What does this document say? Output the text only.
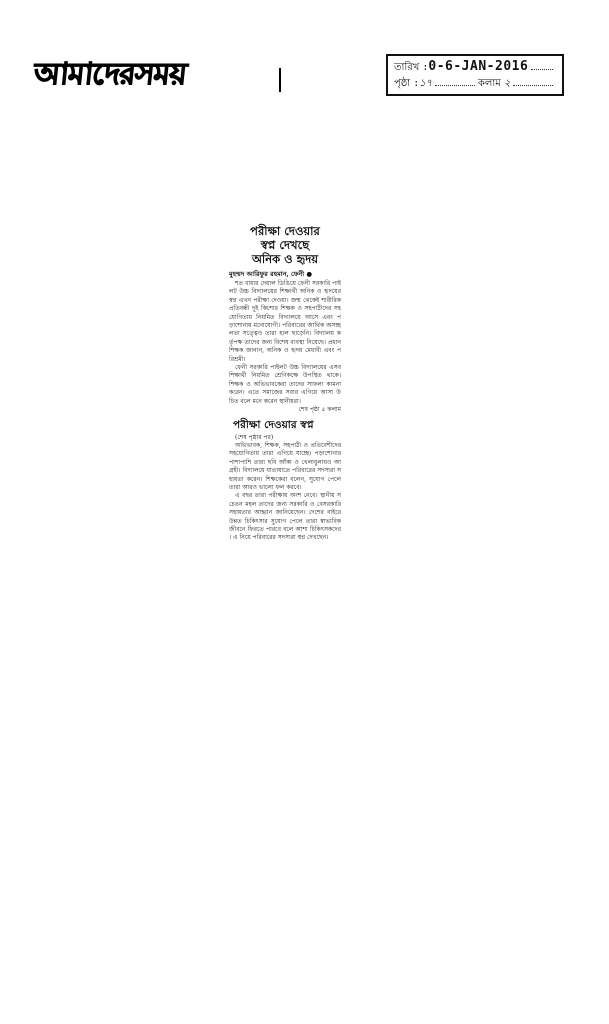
আমাদেরসময়	তারিখ : 0-6-JAN-2016
পৃষ্ঠা : ১৭	কলাম ২
পরীক্ষা দেওয়ার
স্বপ্ন দেখছে
অনিক ও হৃদয়
মুহম্মদ আরিফুর রহমান, ফেনী ●

শত বাধার দেয়াল ডিঙিয়ে ফেনী সরকারি পাইলট উচ্চ বিদ্যালয়ের শিক্ষার্থী অনিক ও হৃদয়ের স্বপ্ন এখন পরীক্ষা দেওয়া। জন্ম থেকেই শারীরিক প্রতিবন্ধী দুই কিশোর শিক্ষক ও সহপাঠীদের সহযোগিতায় নিয়মিত বিদ্যালয়ে আসে এবং পড়াশোনায় মনোযোগী। পরিবারের আর্থিক অসচ্ছলতা সত্ত্বেও তারা হাল ছাড়েনি। বিদ্যালয় কর্তৃপক্ষ তাদের জন্য বিশেষ ব্যবস্থা নিয়েছে। প্রধান শিক্ষক জানান, অনিক ও হৃদয় মেধাবী এবং পরিশ্রমী।

ফেনী সরকারি পাইলট উচ্চ বিদ্যালয়ের এসব শিক্ষার্থী নিয়মিত শ্রেণিকক্ষে উপস্থিত থাকে। শিক্ষক ও অভিভাবকেরা তাদের সাফল্য কামনা করেন। এতে সমাজের সবার এগিয়ে আসা উচিত বলে মনে করেন স্থানীয়রা।

শেষ পৃষ্ঠা ৫ কলাম

পরীক্ষা দেওয়ার স্বপ্ন

(শেষ পৃষ্ঠার পর)

অভিভাবক, শিক্ষক, সহপাঠী ও প্রতিবেশীদের সহযোগিতায় তারা এগিয়ে যাচ্ছে। পড়াশোনার পাশাপাশি তারা ছবি আঁকা ও খেলাধুলায়ও আগ্রহী। বিদ্যালয়ে যাতায়াতে পরিবারের সদস্যরা সহায়তা করেন। শিক্ষকেরা বলেন, সুযোগ পেলে তারা আরও ভালো ফল করবে।

এ বছর তারা পরীক্ষায় অংশ নেবে। স্থানীয় সচেতন মহল তাদের জন্য সরকারি ও বেসরকারি সহায়তার আহ্বান জানিয়েছেন। দেশের বাইরে উন্নত চিকিৎসার সুযোগ পেলে তারা স্বাভাবিক জীবনে ফিরতে পারবে বলে আশা চিকিৎসকদের। এ নিয়ে পরিবারের সদস্যরা স্বপ্ন দেখছেন।
